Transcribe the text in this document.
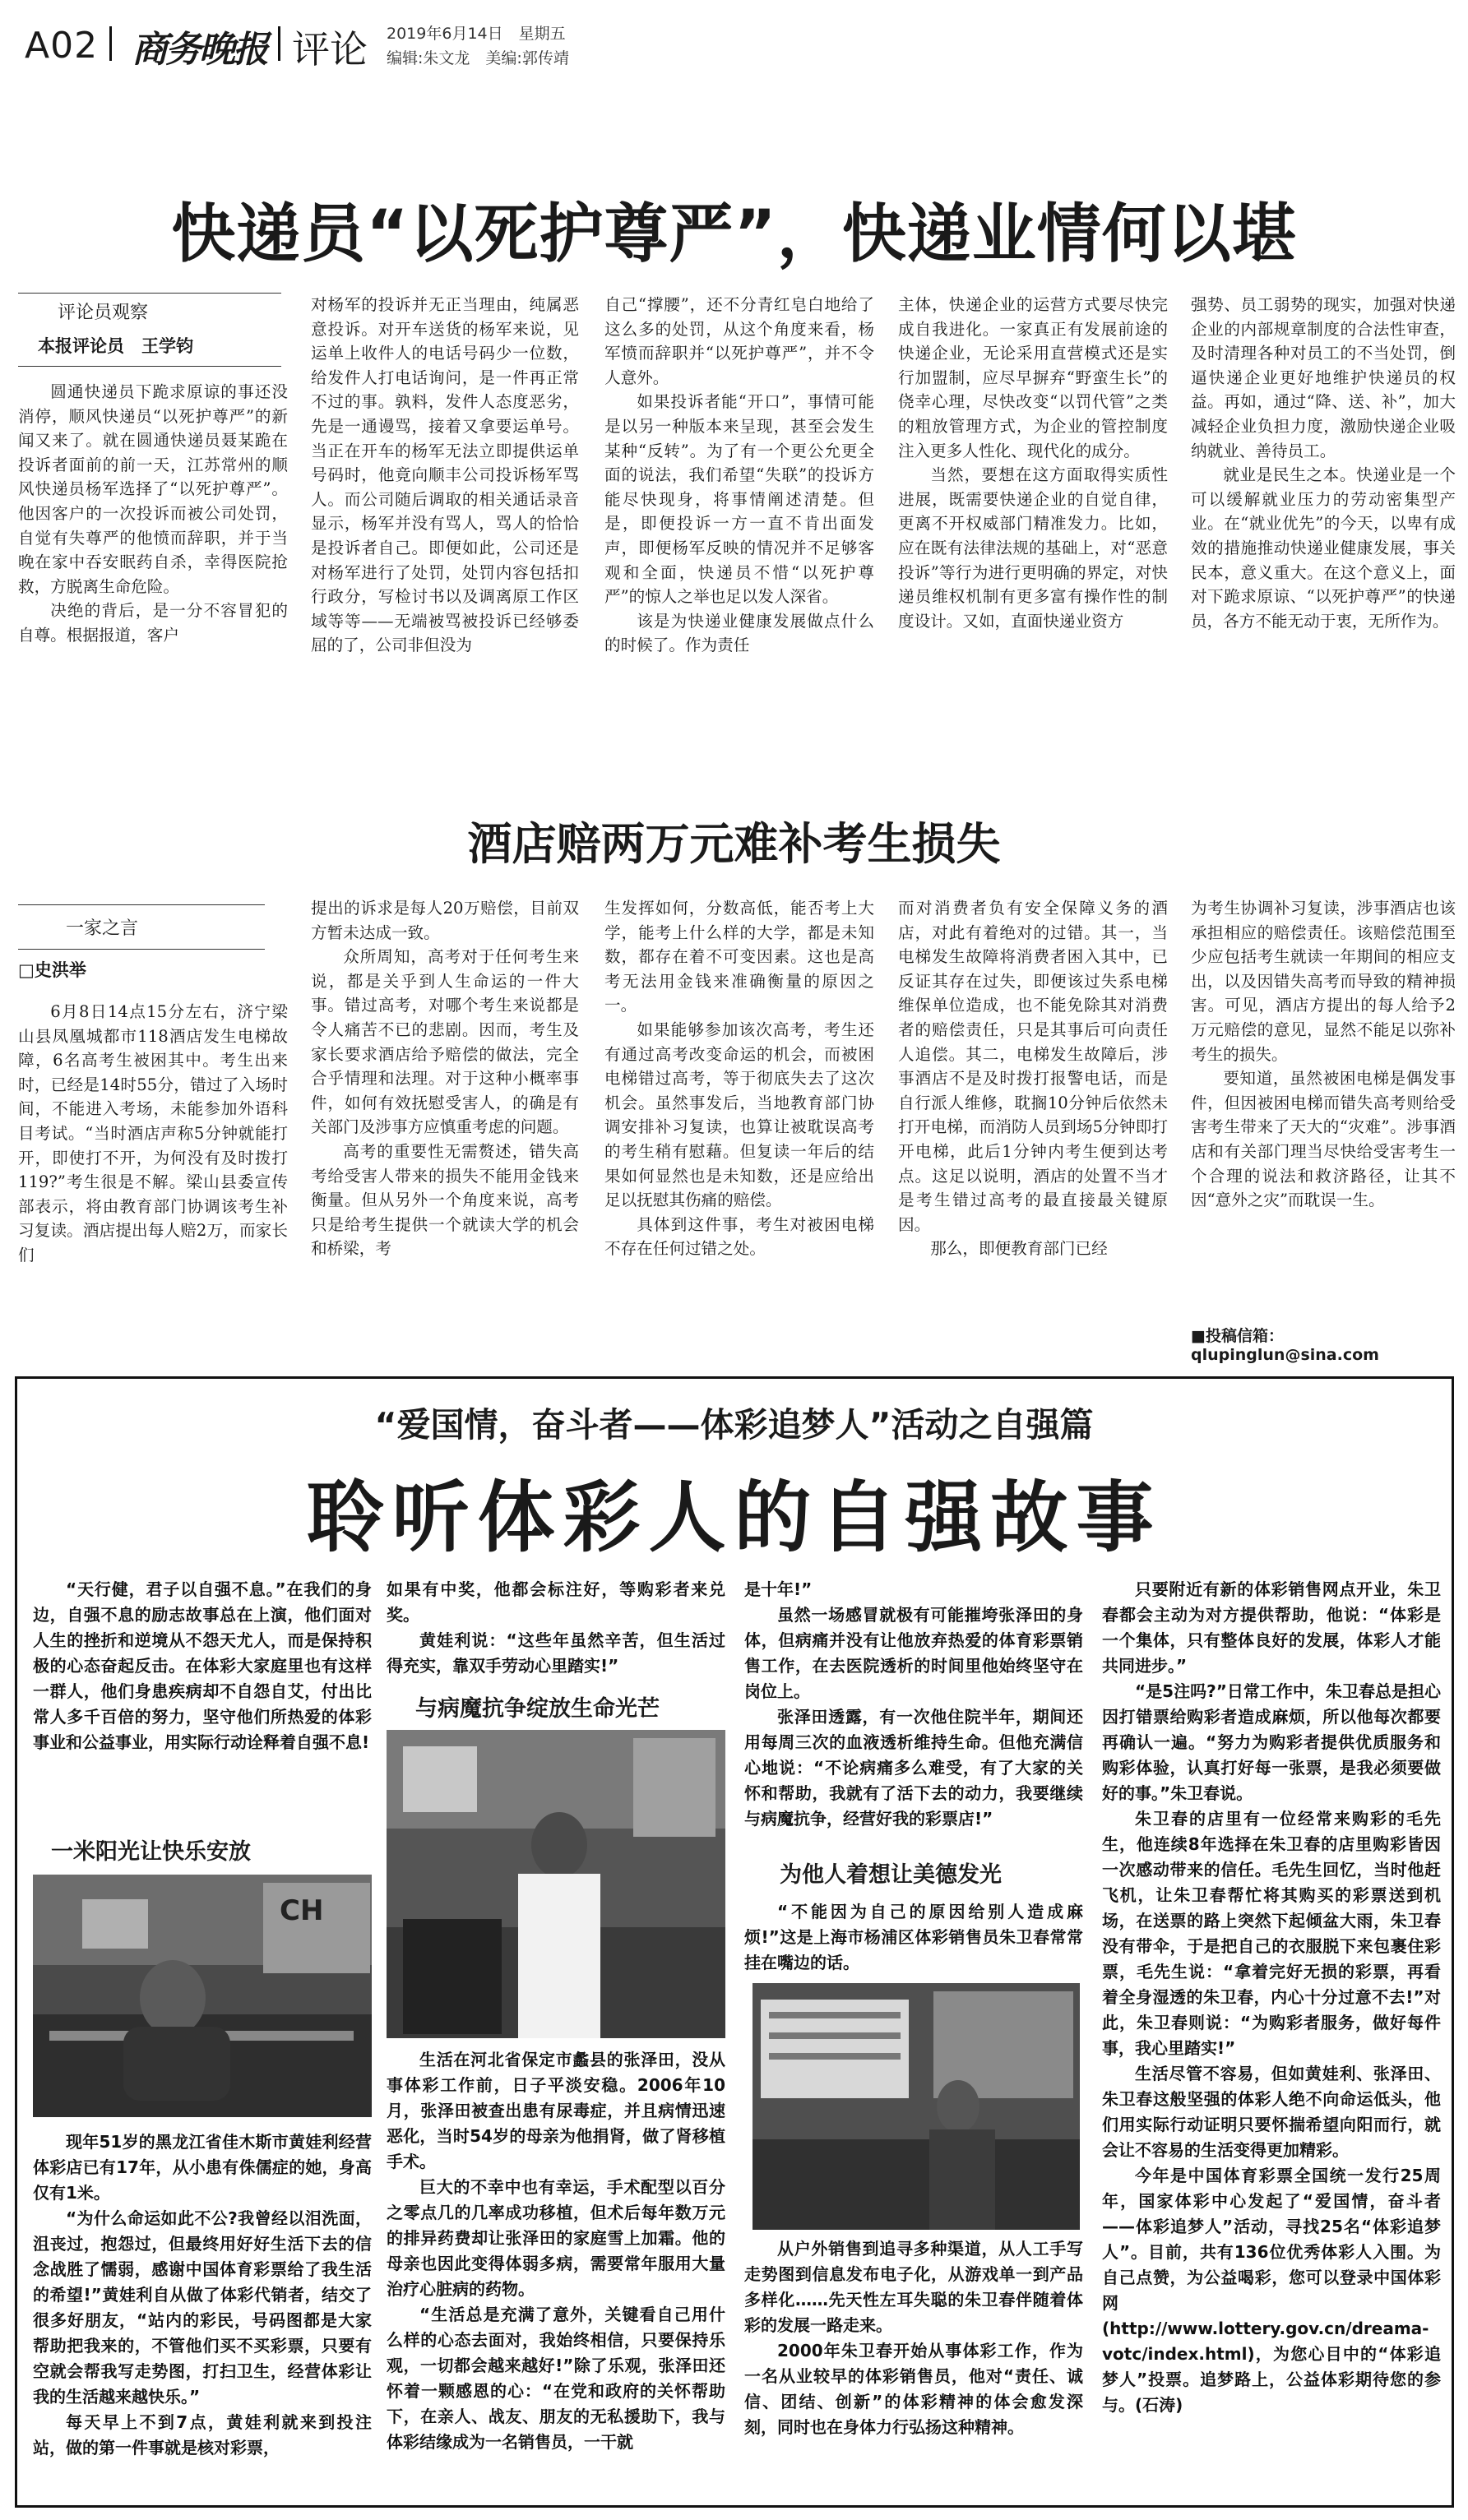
A02 商务晚报 评论 2019年6月14日　 星期五
编辑:朱文龙　 美编:郭传靖
快递员“以死护尊严”，快递业情何以堪
评论员观察
本报评论员　王学钧

圆通快递员下跪求原谅的事还没消停，顺风快递员“以死护尊严”的新闻又来了。就在圆通快递员聂某跪在投诉者面前的前一天，江苏常州的顺风快递员杨军选择了“以死护尊严”。他因客户的一次投诉而被公司处罚，自觉有失尊严的他愤而辞职，并于当晚在家中吞安眠药自杀，幸得医院抢救，方脱离生命危险。

决绝的背后，是一分不容冒犯的自尊。根据报道，客户

对杨军的投诉并无正当理由，纯属恶意投诉。对开车送货的杨军来说，见运单上收件人的电话号码少一位数，给发件人打电话询问，是一件再正常不过的事。孰料，发件人态度恶劣，先是一通谩骂，接着又拿要运单号。当正在开车的杨军无法立即提供运单号码时，他竟向顺丰公司投诉杨军骂人。而公司随后调取的相关通话录音显示，杨军并没有骂人，骂人的恰恰是投诉者自己。即便如此，公司还是对杨军进行了处罚，处罚内容包括扣行政分，写检讨书以及调离原工作区域等等——无端被骂被投诉已经够委屈的了，公司非但没为

自己“撑腰”，还不分青红皂白地给了这么多的处罚，从这个角度来看，杨军愤而辞职并“以死护尊严”，并不令人意外。

如果投诉者能“开口”，事情可能是以另一种版本来呈现，甚至会发生某种“反转”。为了有一个更公允更全面的说法，我们希望“失联”的投诉方能尽快现身，将事情阐述清楚。但是，即便投诉一方一直不肯出面发声，即便杨军反映的情况并不足够客观和全面，快递员不惜“以死护尊严”的惊人之举也足以发人深省。

该是为快递业健康发展做点什么的时候了。作为责任

主体，快递企业的运营方式要尽快完成自我进化。一家真正有发展前途的快递企业，无论采用直营模式还是实行加盟制，应尽早摒弃“野蛮生长”的侥幸心理，尽快改变“以罚代管”之类的粗放管理方式，为企业的管控制度注入更多人性化、现代化的成分。

当然，要想在这方面取得实质性进展，既需要快递企业的自觉自律，更离不开权威部门精准发力。比如，应在既有法律法规的基础上，对“恶意投诉”等行为进行更明确的界定，对快递员维权机制有更多富有操作性的制度设计。又如，直面快递业资方

强势、员工弱势的现实，加强对快递企业的内部规章制度的合法性审查，及时清理各种对员工的不当处罚，倒逼快递企业更好地维护快递员的权益。再如，通过“降、送、补”，加大减轻企业负担力度，激励快递企业吸纳就业、善待员工。

就业是民生之本。快递业是一个可以缓解就业压力的劳动密集型产业。在“就业优先”的今天，以卑有成效的措施推动快递业健康发展，事关民本，意义重大。在这个意义上，面对下跪求原谅、“以死护尊严”的快递员，各方不能无动于衷，无所作为。

酒店赔两万元难补考生损失
一家之言
□史洪举

6月8日14点15分左右，济宁梁山县凤凰城都市118酒店发生电梯故障，6名高考生被困其中。考生出来时，已经是14时55分，错过了入场时间，不能进入考场，未能参加外语科目考试。“当时酒店声称5分钟就能打开，即使打不开，为何没有及时拨打119?”考生很是不解。梁山县委宣传部表示，将由教育部门协调该考生补习复读。酒店提出每人赔2万，而家长们

提出的诉求是每人20万赔偿，目前双方暂未达成一致。

众所周知，高考对于任何考生来说，都是关乎到人生命运的一件大事。错过高考，对哪个考生来说都是令人痛苦不已的悲剧。因而，考生及家长要求酒店给予赔偿的做法，完全合乎情理和法理。对于这种小概率事件，如何有效抚慰受害人，的确是有关部门及涉事方应慎重考虑的问题。

高考的重要性无需赘述，错失高考给受害人带来的损失不能用金钱来衡量。但从另外一个角度来说，高考只是给考生提供一个就读大学的机会和桥梁，考

生发挥如何，分数高低，能否考上大学，能考上什么样的大学，都是未知数，都存在着不可变因素。这也是高考无法用金钱来准确衡量的原因之一。

如果能够参加该次高考，考生还有通过高考改变命运的机会，而被困电梯错过高考，等于彻底失去了这次机会。虽然事发后，当地教育部门协调安排补习复读，也算让被耽误高考的考生稍有慰藉。但复读一年后的结果如何显然也是未知数，还是应给出足以抚慰其伤痛的赔偿。

具体到这件事，考生对被困电梯不存在任何过错之处。

而对消费者负有安全保障义务的酒店，对此有着绝对的过错。其一，当电梯发生故障将消费者困入其中，已反证其存在过失，即便该过失系电梯维保单位造成，也不能免除其对消费者的赔偿责任，只是其事后可向责任人追偿。其二，电梯发生故障后，涉事酒店不是及时拨打报警电话，而是自行派人维修，耽搁10分钟后依然未打开电梯，而消防人员到场5分钟即打开电梯，此后1分钟内考生便到达考点。这足以说明，酒店的处置不当才是考生错过高考的最直接最关键原因。

那么，即便教育部门已经

为考生协调补习复读，涉事酒店也该承担相应的赔偿责任。该赔偿范围至少应包括考生就读一年期间的相应支出，以及因错失高考而导致的精神损害。可见，酒店方提出的每人给予2万元赔偿的意见，显然不能足以弥补考生的损失。

要知道，虽然被困电梯是偶发事件，但因被困电梯而错失高考则给受害考生带来了天大的“灾难”。涉事酒店和有关部门理当尽快给受害考生一个合理的说法和救济路径，让其不因“意外之灾”而耽误一生。

■投稿信箱：qlupinglun@sina.com
“爱国情，奋斗者——体彩追梦人”活动之自强篇
聆听体彩人的自强故事

“天行健，君子以自强不息。”在我们的身边，自强不息的励志故事总在上演，他们面对人生的挫折和逆境从不怨天尤人，而是保持积极的心态奋起反击。在体彩大家庭里也有这样一群人，他们身患疾病却不自怨自艾，付出比常人多千百倍的努力，坚守他们所热爱的体彩事业和公益事业，用实际行动诠释着自强不息!

一米阳光让快乐安放
CH

现年51岁的黑龙江省佳木斯市黄娃利经营体彩店已有17年，从小患有侏儒症的她，身高仅有1米。

“为什么命运如此不公?我曾经以泪洗面，沮丧过，抱怨过，但最终用好好生活下去的信念战胜了懦弱，感谢中国体育彩票给了我生活的希望!”黄娃利自从做了体彩代销者，结交了很多好朋友，“站内的彩民，号码图都是大家帮助把我来的，不管他们买不买彩票，只要有空就会帮我写走势图，打扫卫生，经营体彩让我的生活越来越快乐。”

每天早上不到7点，黄娃利就来到投注站，做的第一件事就是核对彩票，

如果有中奖，他都会标注好，等购彩者来兑奖。

黄娃利说：“这些年虽然辛苦，但生活过得充实，靠双手劳动心里踏实!”

与病魔抗争绽放生命光芒

生活在河北省保定市蠡县的张泽田，没从事体彩工作前，日子平淡安稳。2006年10月，张泽田被查出患有尿毒症，并且病情迅速恶化，当时54岁的母亲为他捐肾，做了肾移植手术。

巨大的不幸中也有幸运，手术配型以百分之零点几的几率成功移植，但术后每年数万元的排异药费却让张泽田的家庭雪上加霜。他的母亲也因此变得体弱多病，需要常年服用大量治疗心脏病的药物。

“生活总是充满了意外，关键看自己用什么样的心态去面对，我始终相信，只要保持乐观，一切都会越来越好!”除了乐观，张泽田还怀着一颗感恩的心：“在党和政府的关怀帮助下，在亲人、战友、朋友的无私援助下，我与体彩结缘成为一名销售员，一干就

是十年!”

虽然一场感冒就极有可能摧垮张泽田的身体，但病痛并没有让他放弃热爱的体育彩票销售工作，在去医院透析的时间里他始终坚守在岗位上。

张泽田透露，有一次他住院半年，期间还用每周三次的血液透析维持生命。但他充满信心地说：“不论病痛多么难受，有了大家的关怀和帮助，我就有了活下去的动力，我要继续与病魔抗争，经营好我的彩票店!”

为他人着想让美德发光

“不能因为自己的原因给别人造成麻烦!”这是上海市杨浦区体彩销售员朱卫春常常挂在嘴边的话。

从户外销售到追寻多种渠道，从人工手写走势图到信息发布电子化，从游戏单一到产品多样化……先天性左耳失聪的朱卫春伴随着体彩的发展一路走来。

2000年朱卫春开始从事体彩工作，作为一名从业较早的体彩销售员，他对“责任、诚信、团结、创新”的体彩精神的体会愈发深刻，同时也在身体力行弘扬这种精神。

只要附近有新的体彩销售网点开业，朱卫春都会主动为对方提供帮助，他说：“体彩是一个集体，只有整体良好的发展，体彩人才能共同进步。”

“是5注吗?”日常工作中，朱卫春总是担心因打错票给购彩者造成麻烦，所以他每次都要再确认一遍。“努力为购彩者提供优质服务和购彩体验，认真打好每一张票，是我必须要做好的事。”朱卫春说。

朱卫春的店里有一位经常来购彩的毛先生，他连续8年选择在朱卫春的店里购彩皆因一次感动带来的信任。毛先生回忆，当时他赶飞机，让朱卫春帮忙将其购买的彩票送到机场，在送票的路上突然下起倾盆大雨，朱卫春没有带伞，于是把自己的衣服脱下来包裹住彩票，毛先生说：“拿着完好无损的彩票，再看着全身湿透的朱卫春，内心十分过意不去!”对此，朱卫春则说：“为购彩者服务，做好每件事，我心里踏实!”

生活尽管不容易，但如黄娃利、张泽田、朱卫春这般坚强的体彩人绝不向命运低头，他们用实际行动证明只要怀揣希望向阳而行，就会让不容易的生活变得更加精彩。

今年是中国体育彩票全国统一发行25周年，国家体彩中心发起了“爱国情，奋斗者——体彩追梦人”活动，寻找25名“体彩追梦人”。目前，共有136位优秀体彩人入围。为自己点赞，为公益喝彩，您可以登录中国体彩网(http://www.lottery.gov.cn/dreama-votc/index.html)，为您心目中的“体彩追梦人”投票。追梦路上，公益体彩期待您的参与。(石涛)
